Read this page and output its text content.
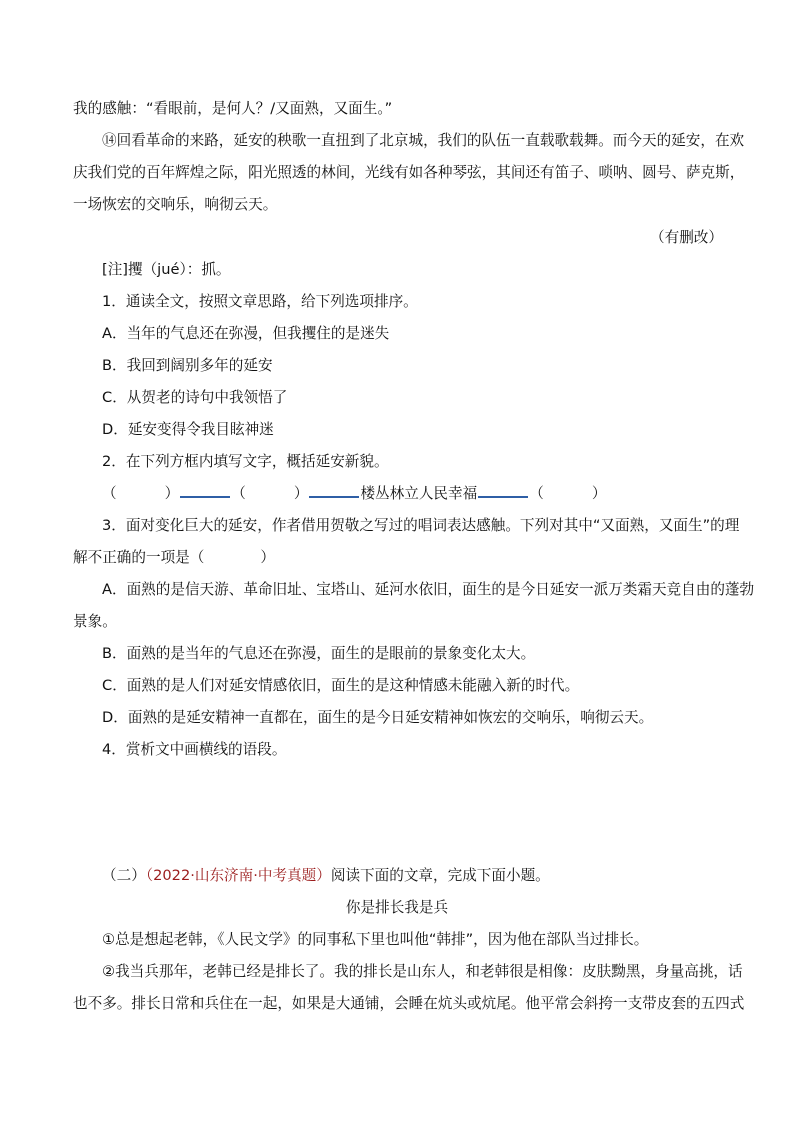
我的感触：“看眼前，是何人？/又面熟，又面生。”
⑭回看革命的来路，延安的秧歌一直扭到了北京城，我们的队伍一直载歌载舞。而今天的延安，在欢
庆我们党的百年辉煌之际，阳光照透的林间，光线有如各种琴弦，其间还有笛子、唢呐、圆号、萨克斯，
一场恢宏的交响乐，响彻云天。
（有删改）
[注]攫（jué）：抓。
1．通读全文，按照文章思路，给下列选项排序。
A．当年的气息还在弥漫，但我攫住的是迷失
B．我回到阔别多年的延安
C．从贺老的诗句中我领悟了
D．延安变得令我目眩神迷
2．在下列方框内填写文字，概括延安新貌。
（	）	（	）	楼丛林立人民幸福	（	）
3．面对变化巨大的延安，作者借用贺敬之写过的唱词表达感触。下列对其中“又面熟，又面生”的理
解不正确的一项是（	）
A．面熟的是信天游、革命旧址、宝塔山、延河水依旧，面生的是今日延安一派万类霜天竞自由的蓬勃
景象。
B．面熟的是当年的气息还在弥漫，面生的是眼前的景象变化太大。
C．面熟的是人们对延安情感依旧，面生的是这种情感未能融入新的时代。
D．面熟的是延安精神一直都在，面生的是今日延安精神如恢宏的交响乐，响彻云天。
4．赏析文中画横线的语段。
（二）（2022·山东济南·中考真题）阅读下面的文章，完成下面小题。
你是排长我是兵
①总是想起老韩，《人民文学》的同事私下里也叫他“韩排”，因为他在部队当过排长。
②我当兵那年，老韩已经是排长了。我的排长是山东人，和老韩很是相像：皮肤黝黑，身量高挑，话
也不多。排长日常和兵住在一起，如果是大通铺，会睡在炕头或炕尾。他平常会斜挎一支带皮套的五四式
